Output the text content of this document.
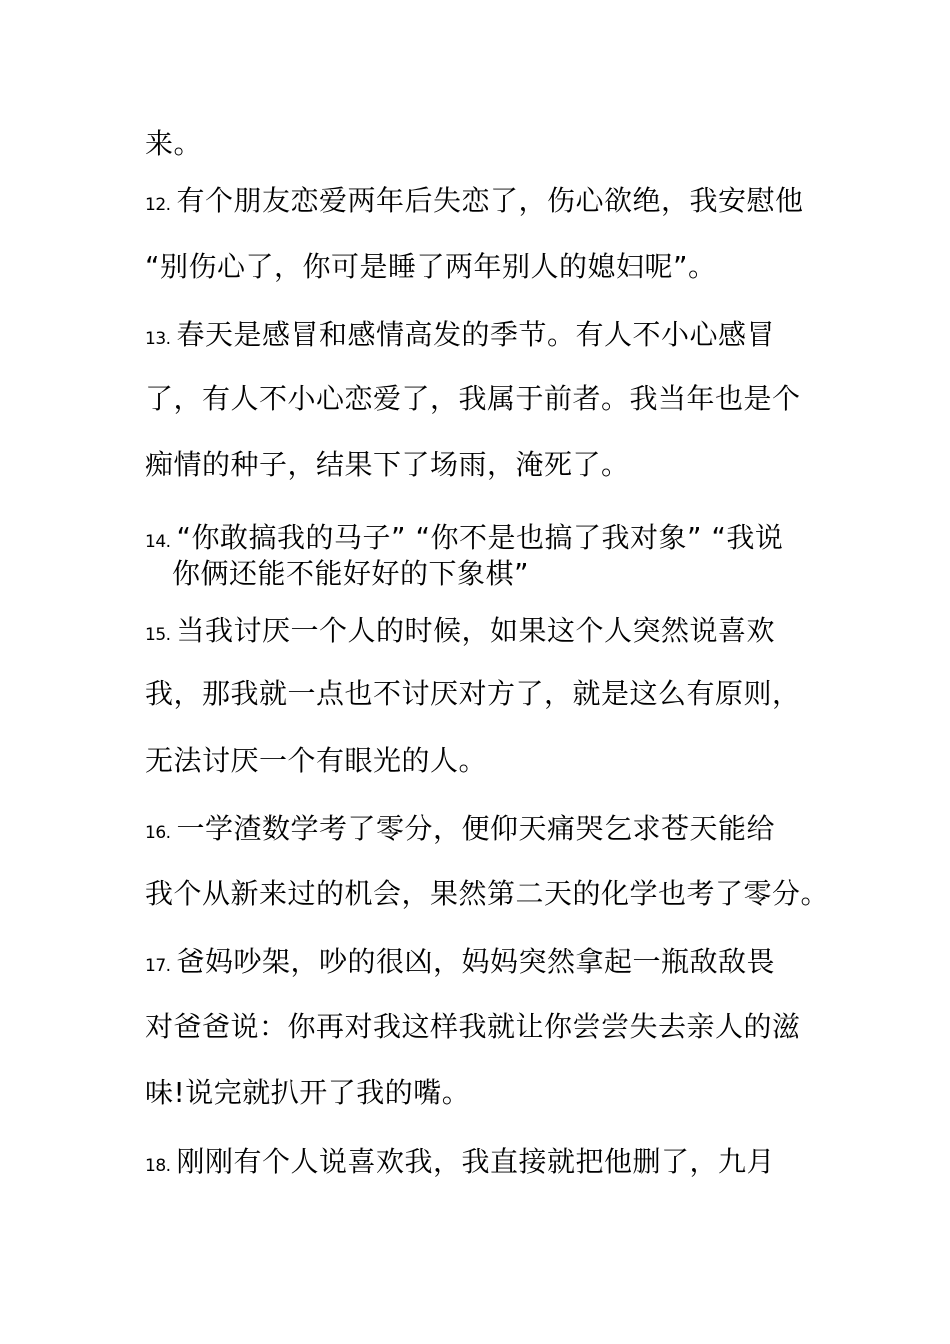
来。
12. 有个朋友恋爱两年后失恋了，伤心欲绝，我安慰他
“别伤心了，你可是睡了两年别人的媳妇呢”。
13. 春天是感冒和感情高发的季节。有人不小心感冒
了，有人不小心恋爱了，我属于前者。我当年也是个
痴情的种子，结果下了场雨，淹死了。
14. “你敢搞我的马子” “你不是也搞了我对象” “我说
你俩还能不能好好的下象棋”
15. 当我讨厌一个人的时候，如果这个人突然说喜欢
我，那我就一点也不讨厌对方了，就是这么有原则，
无法讨厌一个有眼光的人。
16. 一学渣数学考了零分，便仰天痛哭乞求苍天能给
我个从新来过的机会，果然第二天的化学也考了零分。
17. 爸妈吵架，吵的很凶，妈妈突然拿起一瓶敌敌畏
对爸爸说：你再对我这样我就让你尝尝失去亲人的滋
味!说完就扒开了我的嘴。
18. 刚刚有个人说喜欢我，我直接就把他删了，九月
